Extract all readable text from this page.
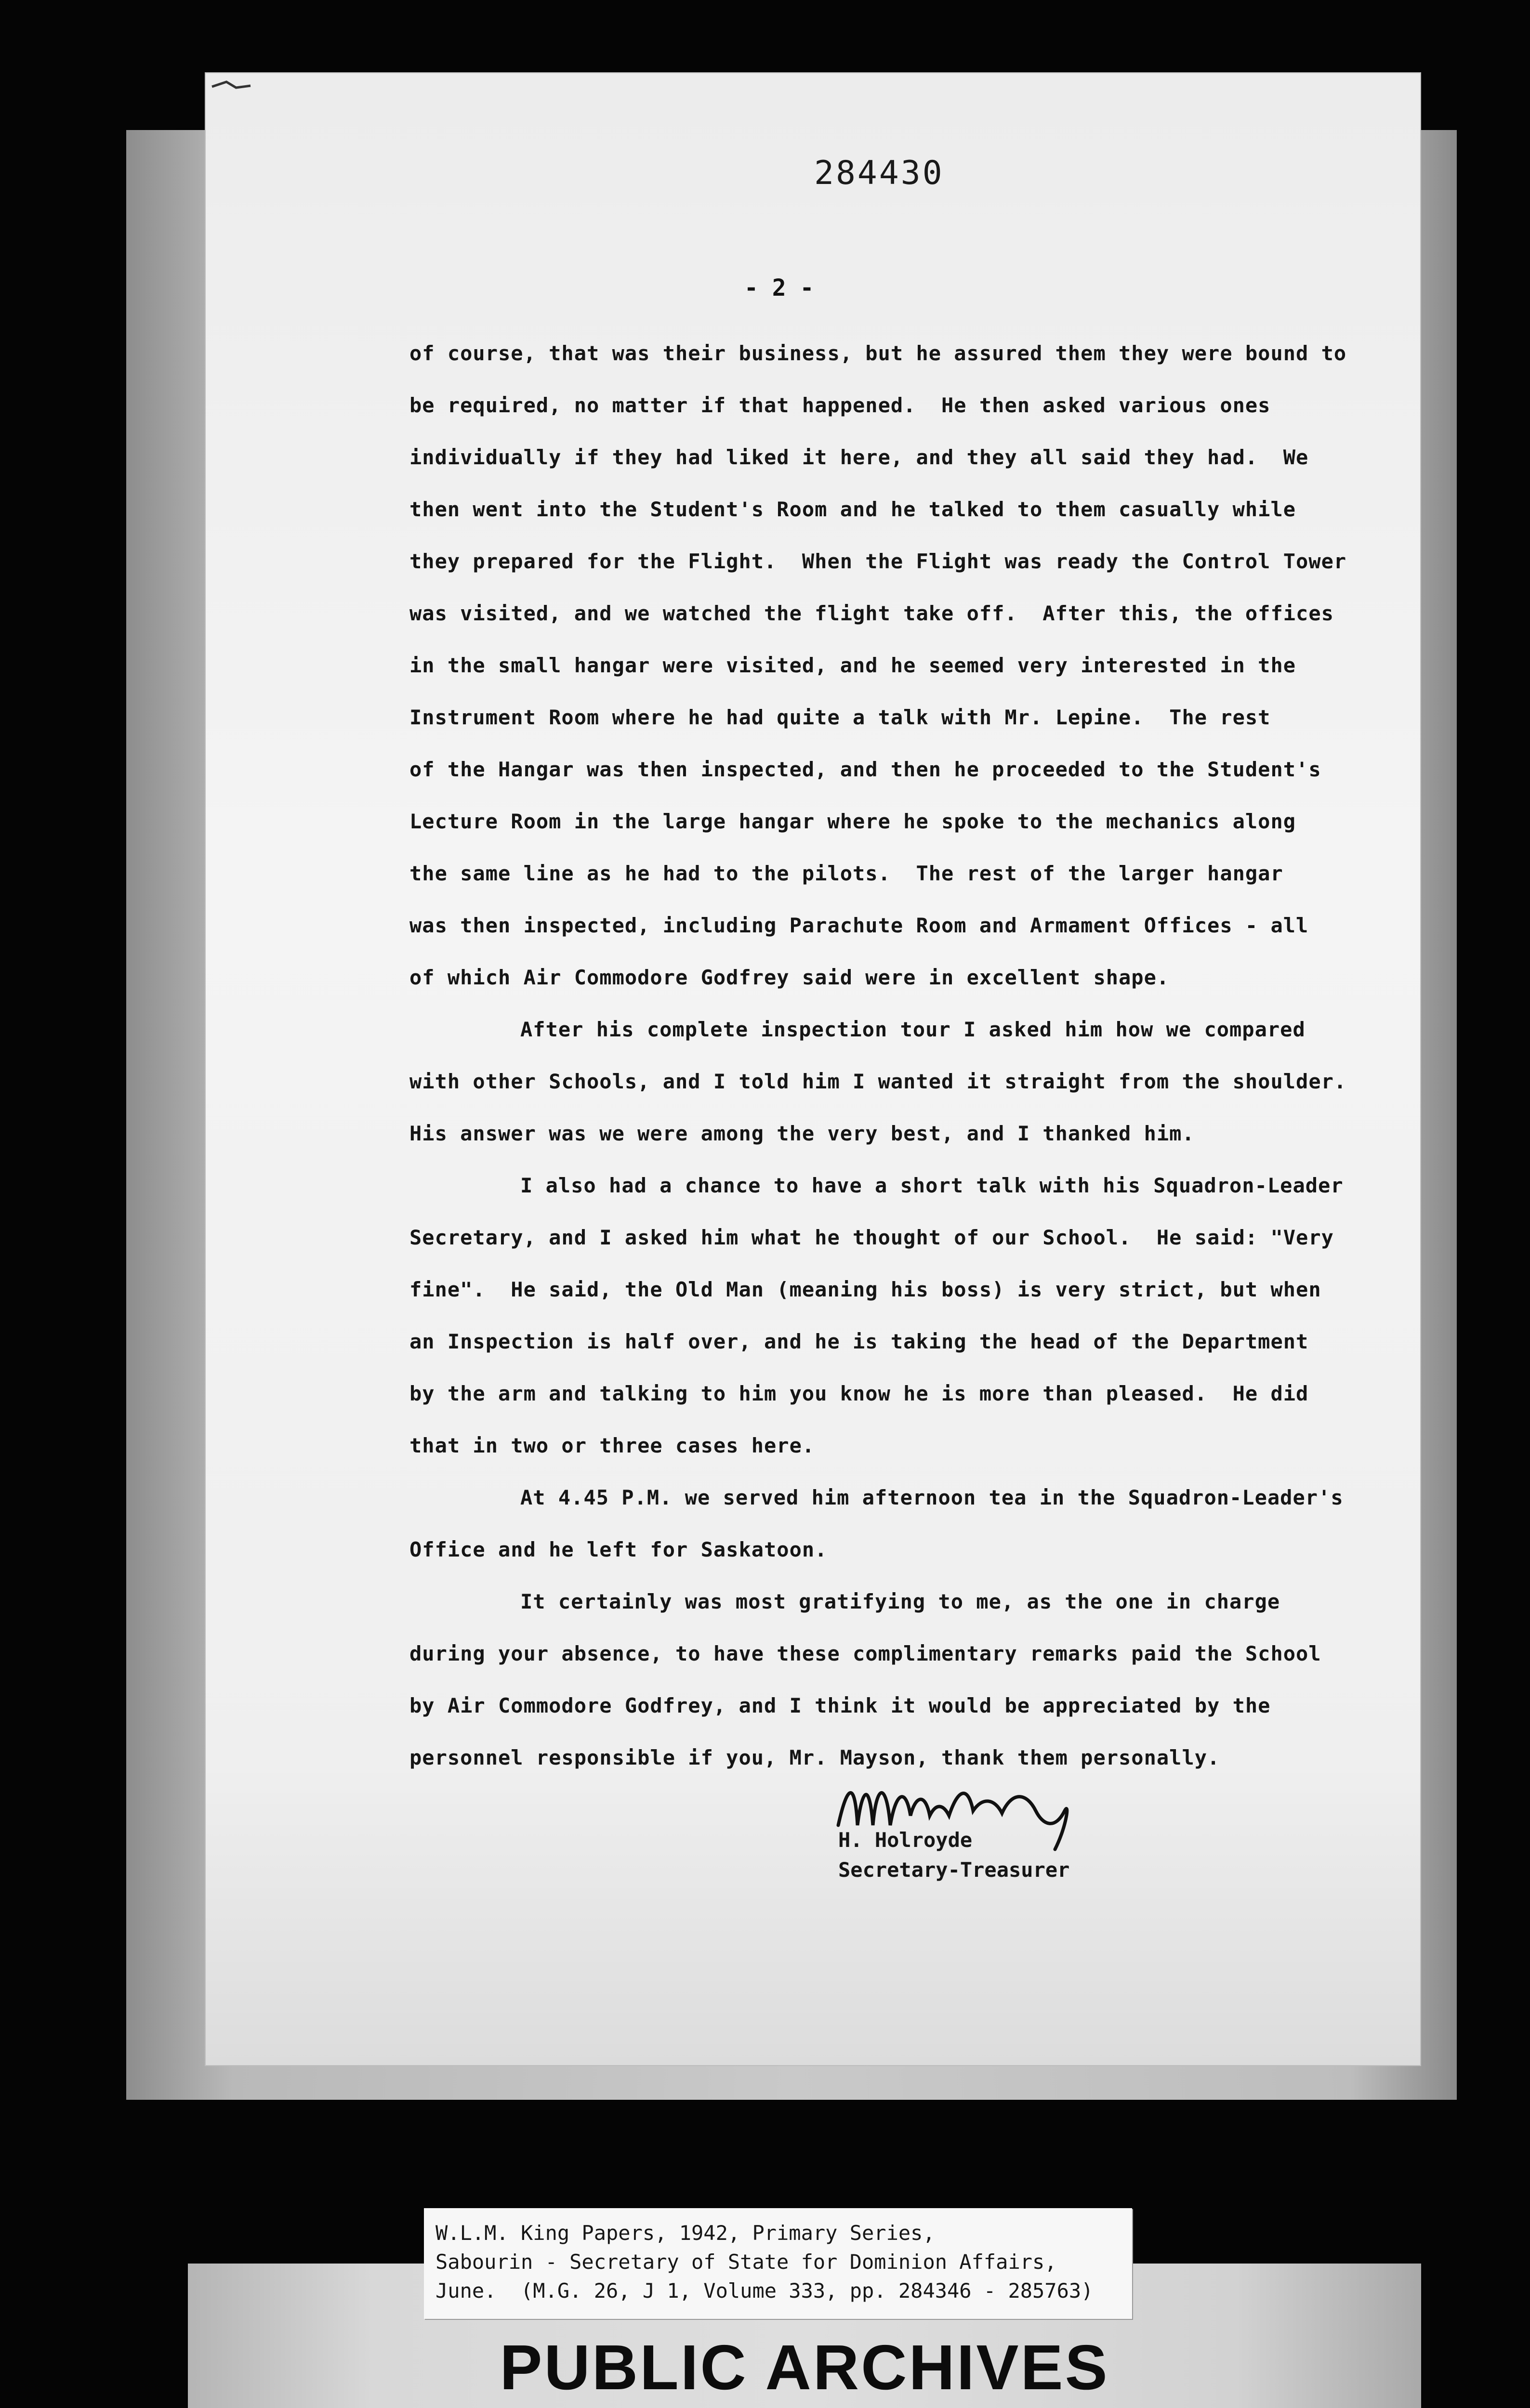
284430
- 2 -
of course, that was their business, but he assured them they were bound to
be required, no matter if that happened.  He then asked various ones
individually if they had liked it here, and they all said they had.  We
then went into the Student's Room and he talked to them casually while
they prepared for the Flight.  When the Flight was ready the Control Tower
was visited, and we watched the flight take off.  After this, the offices
in the small hangar were visited, and he seemed very interested in the
Instrument Room where he had quite a talk with Mr. Lepine.  The rest
of the Hangar was then inspected, and then he proceeded to the Student's
Lecture Room in the large hangar where he spoke to the mechanics along
the same line as he had to the pilots.  The rest of the larger hangar
was then inspected, including Parachute Room and Armament Offices - all
of which Air Commodore Godfrey said were in excellent shape.
After his complete inspection tour I asked him how we compared
with other Schools, and I told him I wanted it straight from the shoulder.
His answer was we were among the very best, and I thanked him.
I also had a chance to have a short talk with his Squadron-Leader
Secretary, and I asked him what he thought of our School.  He said: "Very
fine".  He said, the Old Man (meaning his boss) is very strict, but when
an Inspection is half over, and he is taking the head of the Department
by the arm and talking to him you know he is more than pleased.  He did
that in two or three cases here.
At 4.45 P.M. we served him afternoon tea in the Squadron-Leader's
Office and he left for Saskatoon.
It certainly was most gratifying to me, as the one in charge
during your absence, to have these complimentary remarks paid the School
by Air Commodore Godfrey, and I think it would be appreciated by the
personnel responsible if you, Mr. Mayson, thank them personally.
H. Holroyde
Secretary-Treasurer
W.L.M. King Papers, 1942, Primary Series,
Sabourin - Secretary of State for Dominion Affairs,
June.  (M.G. 26, J 1, Volume 333, pp. 284346 - 285763)
PUBLIC ARCHIVES
